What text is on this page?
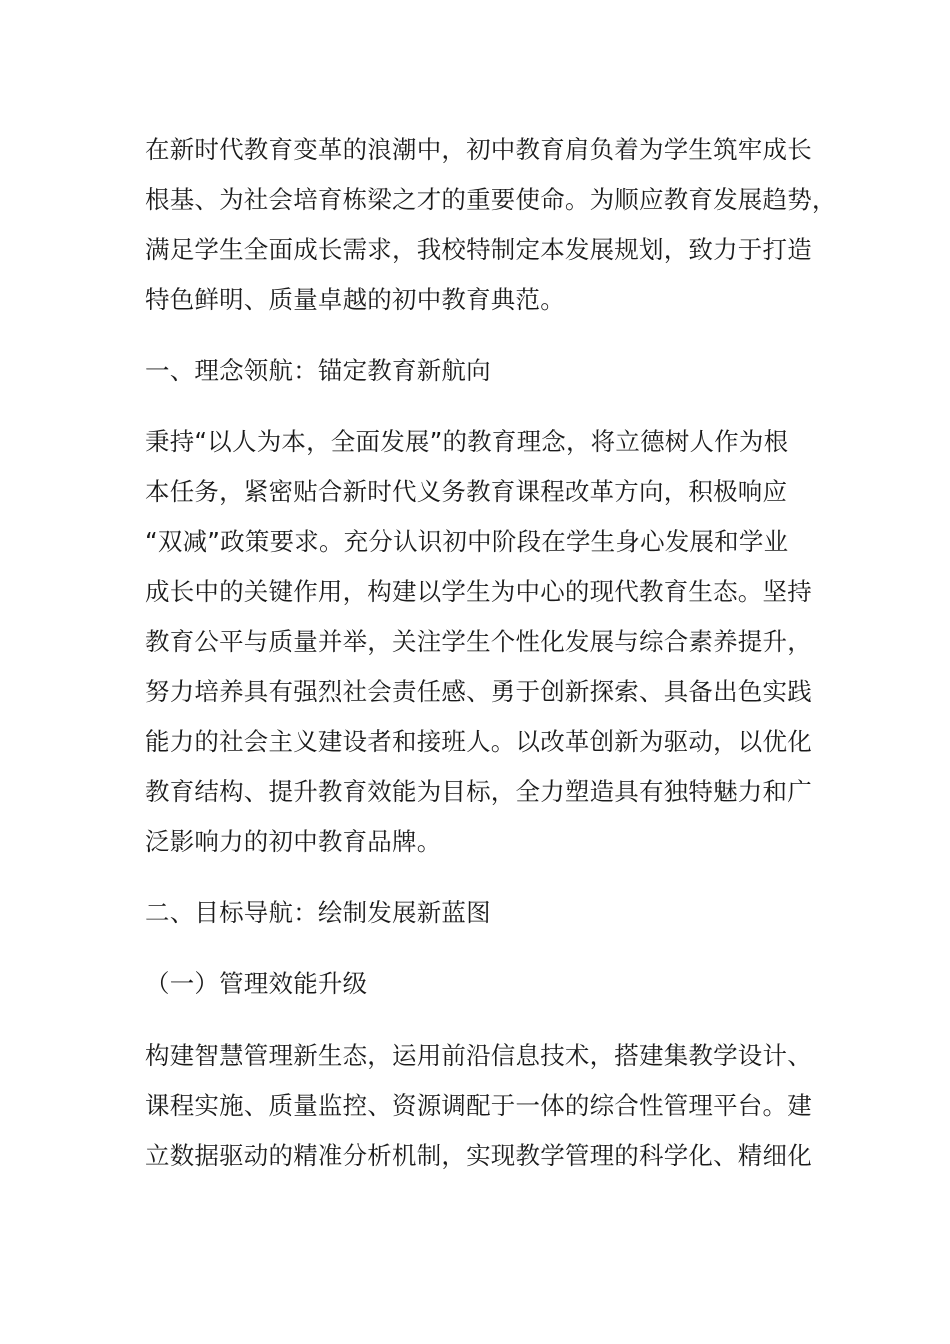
在新时代教育变革的浪潮中，初中教育肩负着为学生筑牢成长
根基、为社会培育栋梁之才的重要使命。为顺应教育发展趋势，
满足学生全面成长需求，我校特制定本发展规划，致力于打造
特色鲜明、质量卓越的初中教育典范。
一、理念领航：锚定教育新航向
秉持“以人为本，全面发展”的教育理念，将立德树人作为根
本任务，紧密贴合新时代义务教育课程改革方向，积极响应
“双减”政策要求。充分认识初中阶段在学生身心发展和学业
成长中的关键作用，构建以学生为中心的现代教育生态。坚持
教育公平与质量并举，关注学生个性化发展与综合素养提升，
努力培养具有强烈社会责任感、勇于创新探索、具备出色实践
能力的社会主义建设者和接班人。以改革创新为驱动，以优化
教育结构、提升教育效能为目标，全力塑造具有独特魅力和广
泛影响力的初中教育品牌。
二、目标导航：绘制发展新蓝图
（一）管理效能升级
构建智慧管理新生态，运用前沿信息技术，搭建集教学设计、
课程实施、质量监控、资源调配于一体的综合性管理平台。建
立数据驱动的精准分析机制，实现教学管理的科学化、精细化
